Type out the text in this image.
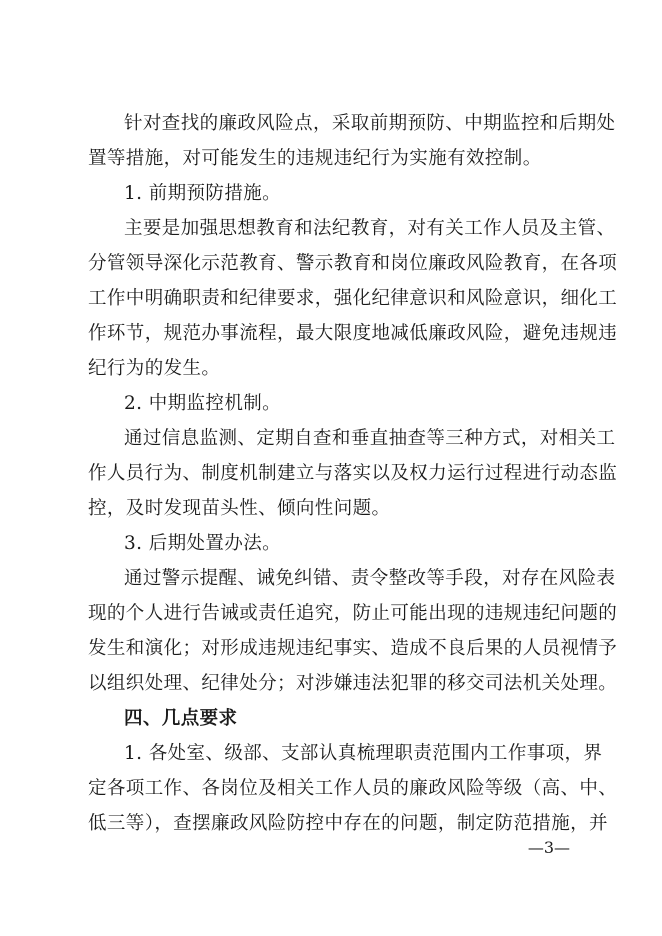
针对查找的廉政风险点，采取前期预防、中期监控和后期处
置等措施，对可能发生的违规违纪行为实施有效控制。
1. 前期预防措施。
主要是加强思想教育和法纪教育，对有关工作人员及主管、
分管领导深化示范教育、警示教育和岗位廉政风险教育，在各项
工作中明确职责和纪律要求，强化纪律意识和风险意识，细化工
作环节，规范办事流程，最大限度地减低廉政风险，避免违规违
纪行为的发生。
2. 中期监控机制。
通过信息监测、定期自查和垂直抽查等三种方式，对相关工
作人员行为、制度机制建立与落实以及权力运行过程进行动态监
控，及时发现苗头性、倾向性问题。
3. 后期处置办法。
通过警示提醒、诫免纠错、责令整改等手段，对存在风险表
现的个人进行告诫或责任追究，防止可能出现的违规违纪问题的
发生和演化；对形成违规违纪事实、造成不良后果的人员视情予
以组织处理、纪律处分；对涉嫌违法犯罪的移交司法机关处理。
四、几点要求
1. 各处室、级部、支部认真梳理职责范围内工作事项，界
定各项工作、各岗位及相关工作人员的廉政风险等级（高、中、
低三等），查摆廉政风险防控中存在的问题，制定防范措施，并
—3—
